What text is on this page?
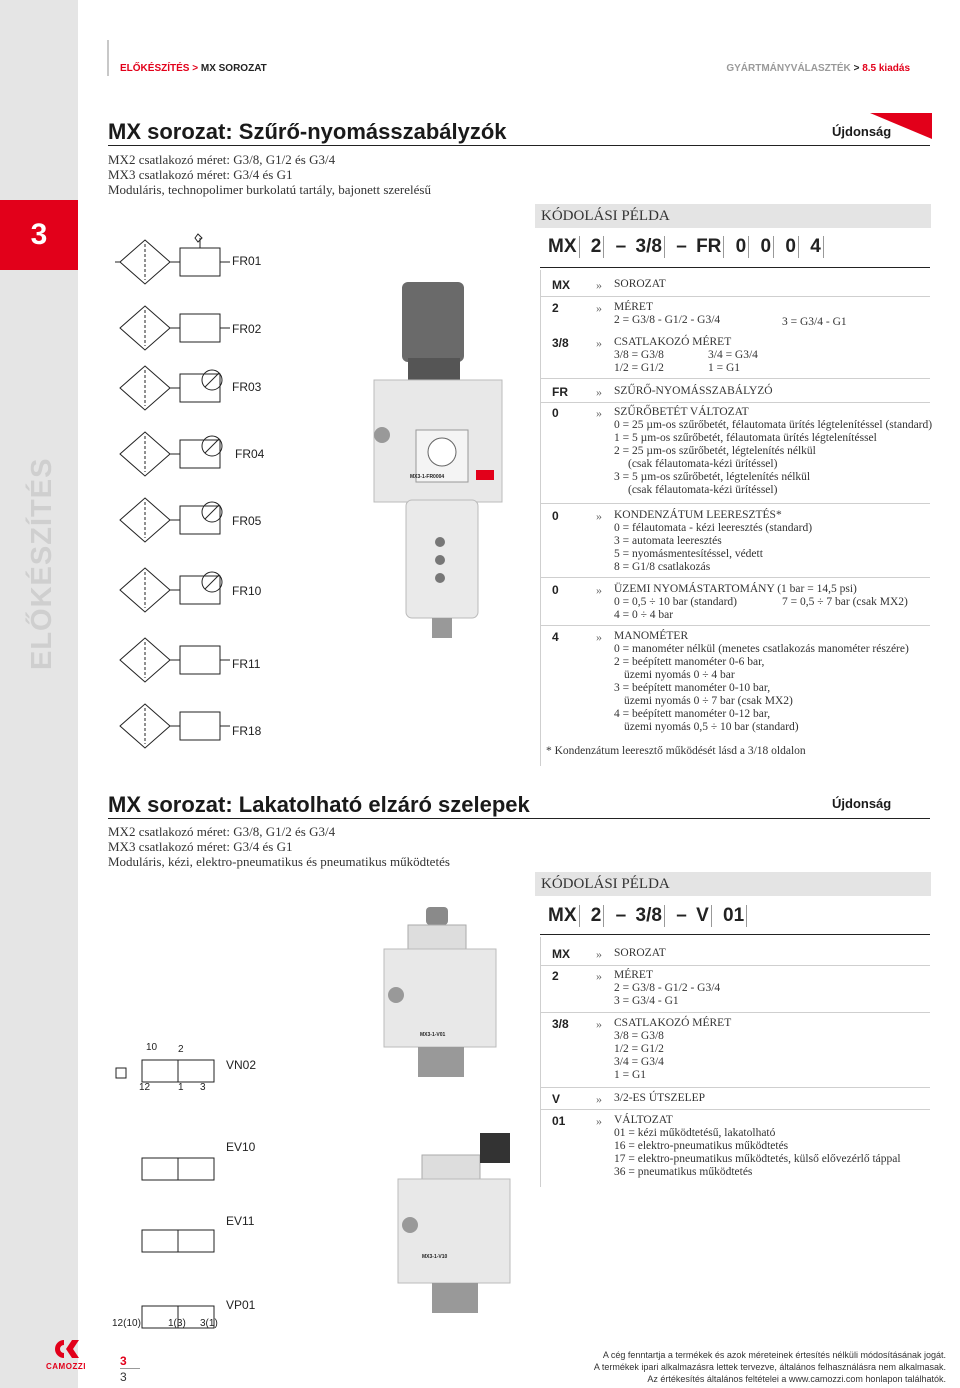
3
ELŐKÉSZÍTÉS
ELŐKÉSZÍTÉS > MX SOROZAT	GYÁRTMÁNYVÁLASZTÉK > 8.5 kiadás
MX sorozat: Szűrő-nyomásszabályzók	Újdonság
MX2 csatlakozó méret: G3/8, G1/2 és G3/4
MX3 csatlakozó méret: G3/4 és G1
Moduláris, technopolimer burkolatú tartály, bajonett szerelésű
FR01
FR02
FR03
FR04
FR05
FR10
FR11
FR18
MX3-1-FR0004
KÓDOLÁSI PÉLDA
MX 2 – 3/8 – FR 0 0 0 4
MX » SOROZAT
2	» MÉRET
2 = G3/8 - G1/2 - G3/4	3 = G3/4 - G1
3/8 » CSATLAKOZÓ MÉRET
3/8 = G3/8
1/2 = G1/2
3/4 = G3/4
1 = G1
FR » SZŰRŐ-NYOMÁSSZABÁLYZÓ
0	» SZŰRŐBETÉT VÁLTOZAT
0 = 25 µm-os szűrőbetét, félautomata ürítés légtelenítéssel (standard)
1 = 5 µm-os szűrőbetét, félautomata ürítés légtelenítéssel
2 = 25 µm-os szűrőbetét, légtelenítés nélkül
(csak félautomata-kézi ürítéssel)
3 = 5 µm-os szűrőbetét, légtelenítés nélkül
(csak félautomata-kézi ürítéssel)
0	» KONDENZÁTUM LEERESZTÉS*
0 = félautomata - kézi leeresztés (standard)
3 = automata leeresztés
5 = nyomásmentesítéssel, védett
8 = G1/8 csatlakozás
0	» ÜZEMI NYOMÁSTARTOMÁNY (1 bar = 14,5 psi)
0 = 0,5 ÷ 10 bar (standard)
4 = 0 ÷ 4 bar
7 = 0,5 ÷ 7 bar (csak MX2)
4	» MANOMÉTER
0 = manométer nélkül (menetes csatlakozás manométer részére)
2 = beépített manométer 0-6 bar,
üzemi nyomás 0 ÷ 4 bar
3 = beépített manométer 0-10 bar,
üzemi nyomás 0 ÷ 7 bar (csak MX2)
4 = beépített manométer 0-12 bar,
üzemi nyomás 0,5 ÷ 10 bar (standard)
* Kondenzátum leeresztő működését lásd a 3/18 oldalon
MX sorozat: Lakatolható elzáró szelepek	Újdonság
MX2 csatlakozó méret: G3/8, G1/2 és G3/4
MX3 csatlakozó méret: G3/4 és G1
Moduláris, kézi, elektro-pneumatikus és pneumatikus működtetés
10 2
12	1 3
12(10)	1(3) 3(1)
VN02
EV10
EV11
VP01
MX3-1-V01
MX3-1-V10
KÓDOLÁSI PÉLDA
MX 2 – 3/8 – V 01
MX » SOROZAT
2	» MÉRET
2 = G3/8 - G1/2 - G3/4
3 = G3/4 - G1
3/8 » CSATLAKOZÓ MÉRET
3/8 = G3/8
1/2 = G1/2
3/4 = G3/4
1 = G1
V	» 3/2-ES ÚTSZELEP
01	» VÁLTOZAT
01 = kézi működtetésű, lakatolható
16 = elektro-pneumatikus működtetés
17 = elektro-pneumatikus működtetés, külső elővezérlő táppal
36 = pneumatikus működtetés
CAMOZZI	3
3
A cég fenntartja a termékek és azok méreteinek értesítés nélküli módosításának jogát.
A termékek ipari alkalmazásra lettek tervezve, általános felhasználásra nem alkalmasak.
Az értékesítés általános feltételei a www.camozzi.com honlapon találhatók.
